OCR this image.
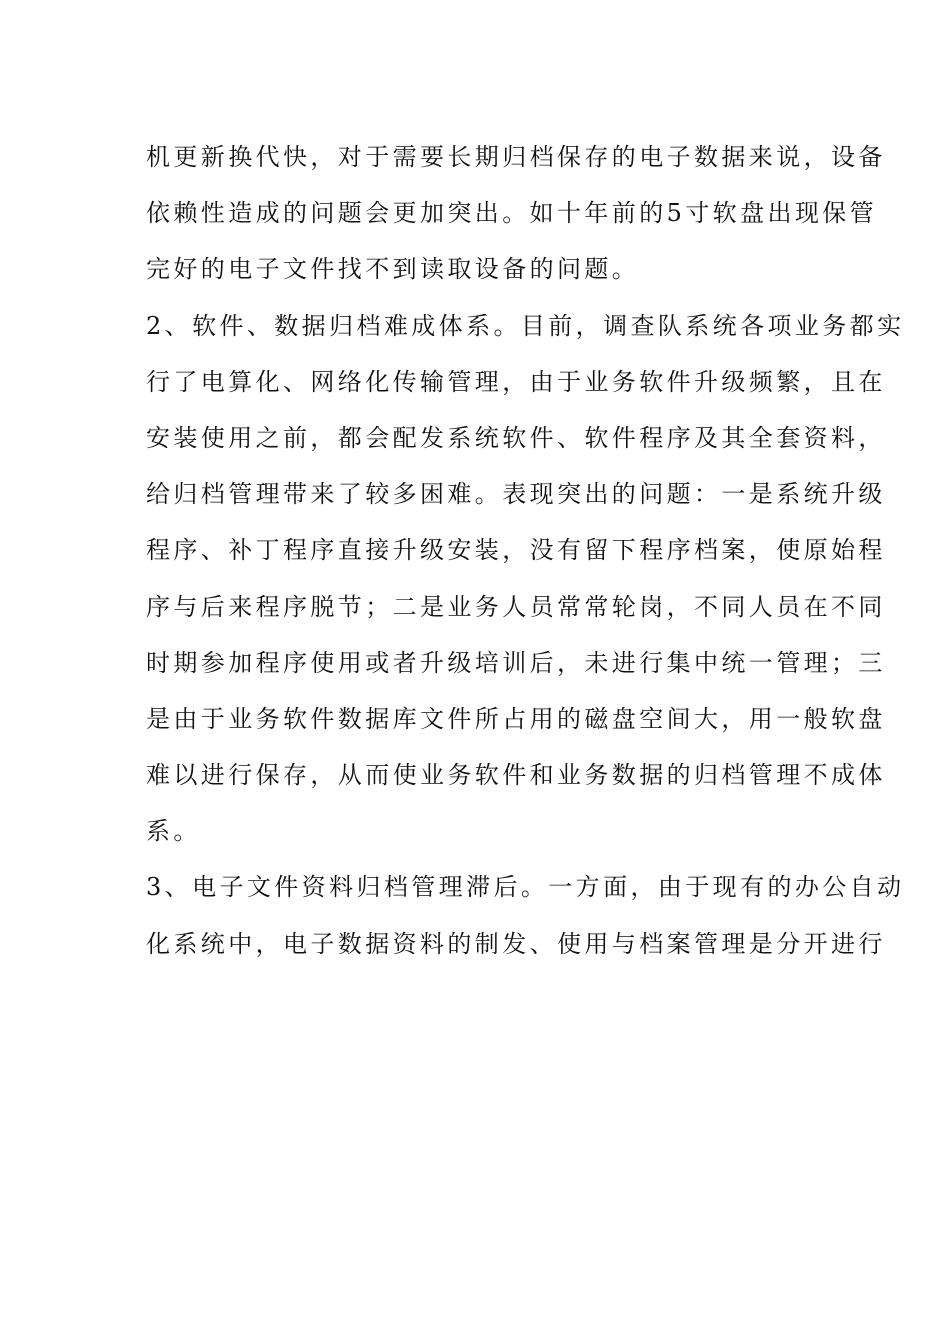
机更新换代快，对于需要长期归档保存的电子数据来说，设备
依赖性造成的问题会更加突出。如十年前的5寸软盘出现保管
完好的电子文件找不到读取设备的问题。
2、软件、数据归档难成体系。目前，调查队系统各项业务都实
行了电算化、网络化传输管理，由于业务软件升级频繁，且在
安装使用之前，都会配发系统软件、软件程序及其全套资料，
给归档管理带来了较多困难。表现突出的问题：一是系统升级
程序、补丁程序直接升级安装，没有留下程序档案，使原始程
序与后来程序脱节；二是业务人员常常轮岗，不同人员在不同
时期参加程序使用或者升级培训后，未进行集中统一管理；三
是由于业务软件数据库文件所占用的磁盘空间大，用一般软盘
难以进行保存，从而使业务软件和业务数据的归档管理不成体
系。
3、电子文件资料归档管理滞后。一方面，由于现有的办公自动
化系统中，电子数据资料的制发、使用与档案管理是分开进行
